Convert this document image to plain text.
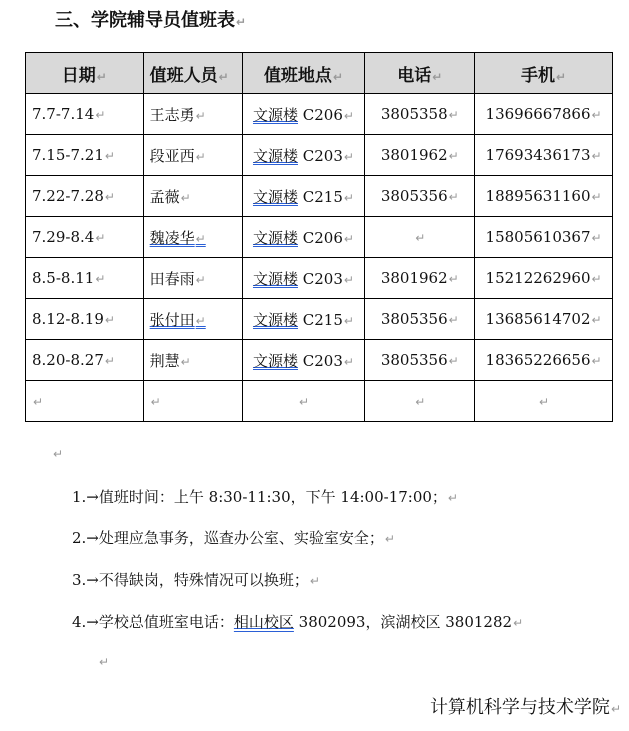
三、学院辅导员值班表 ↵
日期 ↵	值班人员 ↵	值班地点 ↵	电话 ↵	手机 ↵
7.7-7.14 ↵	王志勇 ↵	文源楼 C206 ↵	3805358 ↵	13696667866 ↵
7.15-7.21 ↵	段亚西 ↵	文源楼 C203 ↵	3801962 ↵	17693436173 ↵
7.22-7.28 ↵	孟薇 ↵	文源楼 C215 ↵	3805356 ↵	18895631160 ↵
7.29-8.4 ↵	魏凌华 ↵	文源楼 C206 ↵	↵	15805610367 ↵
8.5-8.11 ↵	田春雨 ↵	文源楼 C203 ↵	3801962 ↵	15212262960 ↵
8.12-8.19 ↵	张付田 ↵	文源楼 C215 ↵	3805356 ↵	13685614702 ↵
8.20-8.27 ↵	荆慧 ↵	文源楼 C203 ↵	3805356 ↵	18365226656 ↵
↵	↵	↵	↵	↵
↵
1.→值班时间：上午 8:30-11:30，下午 14:00-17:00； ↵
2.→处理应急事务，巡查办公室、实验室安全； ↵
3.→不得缺岗，特殊情况可以换班； ↵
4.→学校总值班室电话：相山校区 3802093，滨湖校区 3801282 ↵
↵
计算机科学与技术学院 ↵
